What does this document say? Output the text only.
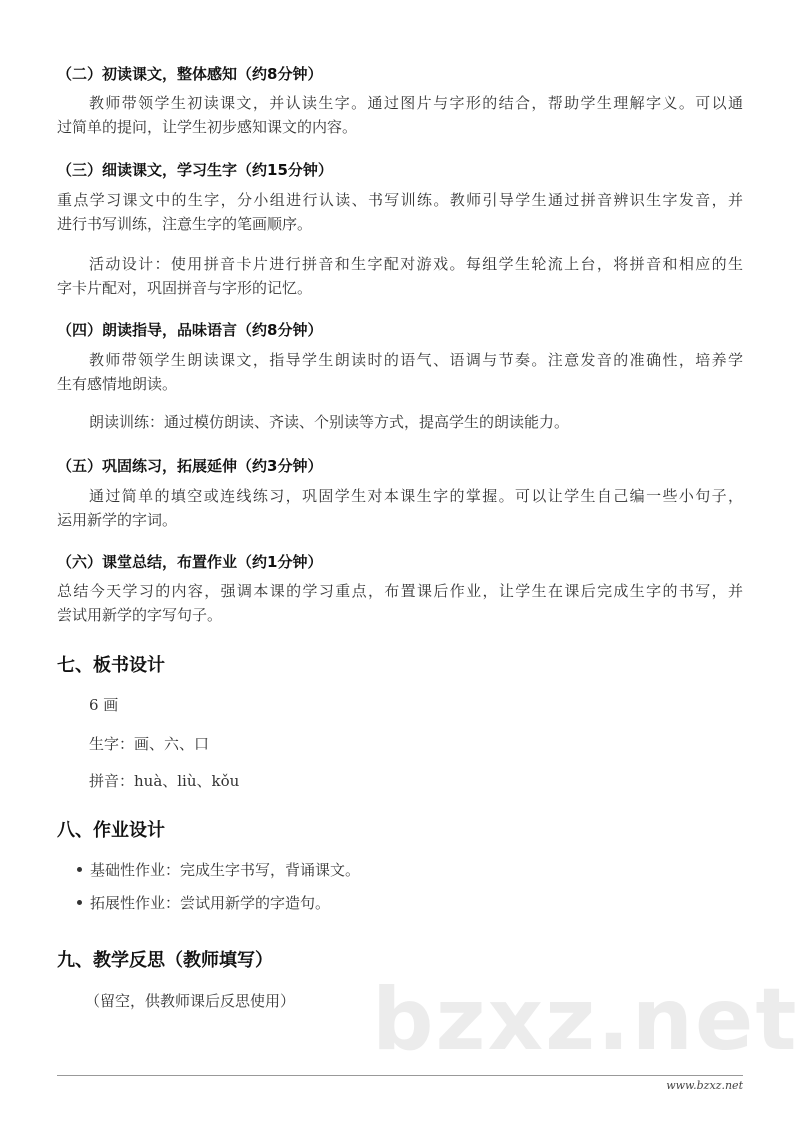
（二）初读课文，整体感知（约8分钟）
教师带领学生初读课文，并认读生字。通过图片与字形的结合，帮助学生理解字义。可以通
过简单的提问，让学生初步感知课文的内容。
（三）细读课文，学习生字（约15分钟）
重点学习课文中的生字，分小组进行认读、书写训练。教师引导学生通过拼音辨识生字发音，并
进行书写训练，注意生字的笔画顺序。
活动设计：使用拼音卡片进行拼音和生字配对游戏。每组学生轮流上台，将拼音和相应的生
字卡片配对，巩固拼音与字形的记忆。
（四）朗读指导，品味语言（约8分钟）
教师带领学生朗读课文，指导学生朗读时的语气、语调与节奏。注意发音的准确性，培养学
生有感情地朗读。
朗读训练：通过模仿朗读、齐读、个别读等方式，提高学生的朗读能力。
（五）巩固练习，拓展延伸（约3分钟）
通过简单的填空或连线练习，巩固学生对本课生字的掌握。可以让学生自己编一些小句子，
运用新学的字词。
（六）课堂总结，布置作业（约1分钟）
总结今天学习的内容，强调本课的学习重点，布置课后作业，让学生在课后完成生字的书写，并
尝试用新学的字写句子。
七、板书设计
6 画
生字：画、六、口
拼音：huà、liù、kǒu
八、作业设计
基础性作业：完成生字书写，背诵课文。
拓展性作业：尝试用新学的字造句。
九、教学反思（教师填写）
bzxz.net
（留空，供教师课后反思使用）
www.bzxz.net
